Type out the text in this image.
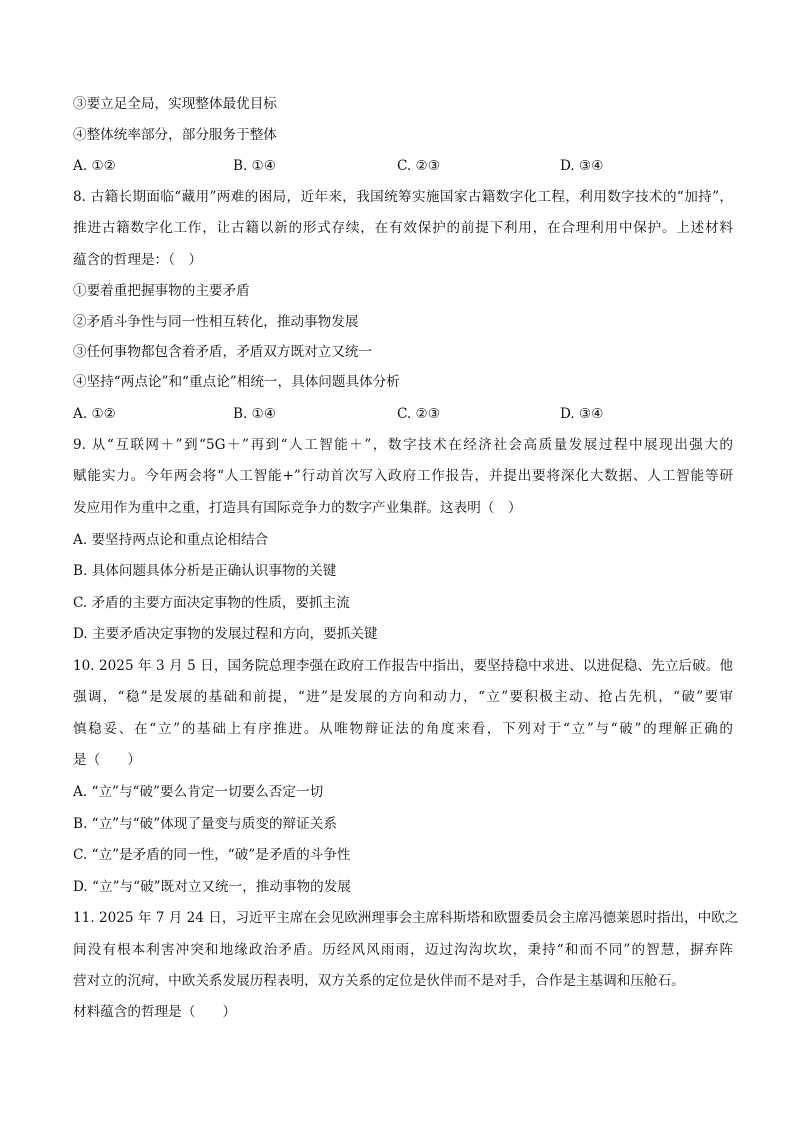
③要立足全局，实现整体最优目标
④整体统率部分，部分服务于整体
A. ①②	B. ①④	C. ②③	D. ③④
8. 古籍长期面临“藏用”两难的困局，近年来，我国统筹实施国家古籍数字化工程，利用数字技术的“加持”，
推进古籍数字化工作，让古籍以新的形式存续，在有效保护的前提下利用，在合理利用中保护。上述材料
蕴含的哲理是：（　）
①要着重把握事物的主要矛盾
②矛盾斗争性与同一性相互转化，推动事物发展
③任何事物都包含着矛盾，矛盾双方既对立又统一
④坚持“两点论”和“重点论”相统一，具体问题具体分析
A. ①②	B. ①④	C. ②③	D. ③④
9. 从“互联网＋”到“5G＋”再到“人工智能＋”，数字技术在经济社会高质量发展过程中展现出强大的
赋能实力。今年两会将“人工智能+”行动首次写入政府工作报告，并提出要将深化大数据、人工智能等研
发应用作为重中之重，打造具有国际竞争力的数字产业集群。这表明（　）
A. 要坚持两点论和重点论相结合
B. 具体问题具体分析是正确认识事物的关键
C. 矛盾的主要方面决定事物的性质，要抓主流
D. 主要矛盾决定事物的发展过程和方向，要抓关键
10. 2025 年 3 月 5 日，国务院总理李强在政府工作报告中指出，要坚持稳中求进、以进促稳、先立后破。他
强调，“稳”是发展的基础和前提，“进”是发展的方向和动力，“立”要积极主动、抢占先机，“破”要审
慎稳妥、在“立”的基础上有序推进。从唯物辩证法的角度来看，下列对于“立”与“破”的理解正确的
是（　　）
A. “立”与“破”要么肯定一切要么否定一切
B. “立”与“破”体现了量变与质变的辩证关系
C. “立”是矛盾的同一性，“破”是矛盾的斗争性
D. “立”与“破”既对立又统一，推动事物的发展
11. 2025 年 7 月 24 日，习近平主席在会见欧洲理事会主席科斯塔和欧盟委员会主席冯德莱恩时指出，中欧之
间没有根本利害冲突和地缘政治矛盾。历经风风雨雨，迈过沟沟坎坎，秉持“和而不同”的智慧，摒弃阵
营对立的沉疴，中欧关系发展历程表明，双方关系的定位是伙伴而不是对手，合作是主基调和压舱石。
材料蕴含的哲理是（　　）
